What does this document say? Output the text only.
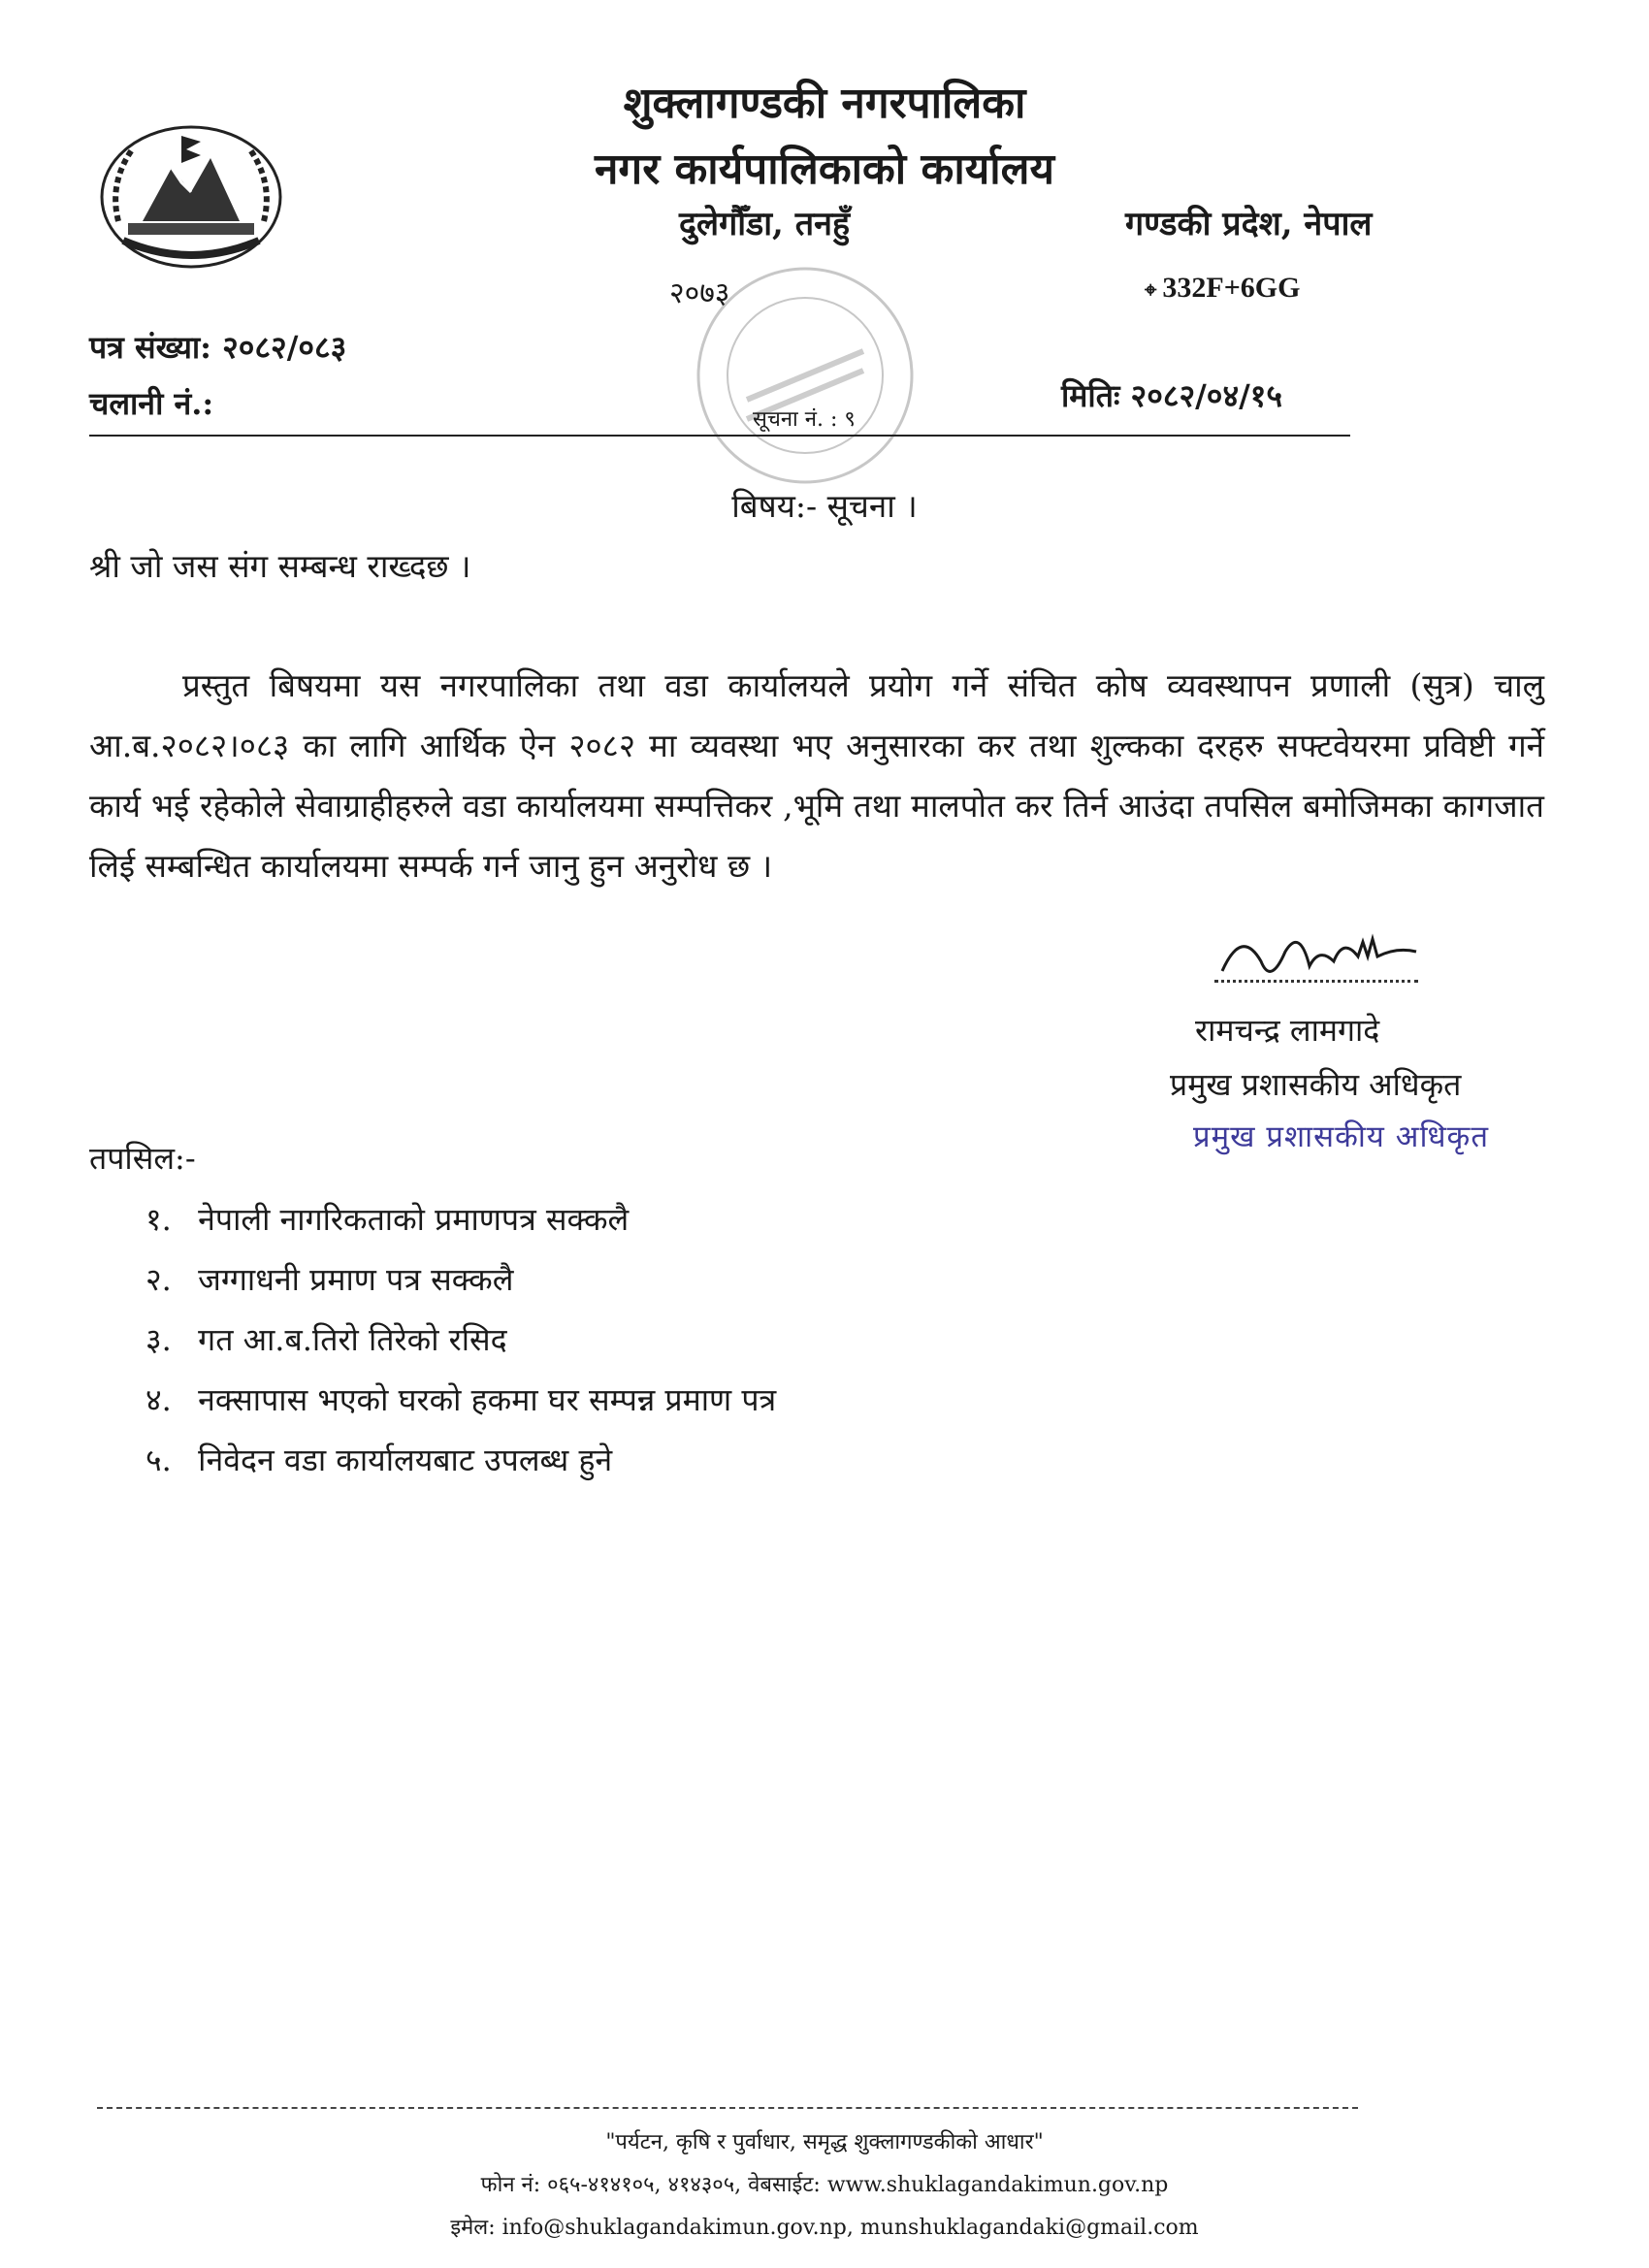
शुक्लागण्डकी नगरपालिका
नगर कार्यपालिकाको कार्यालय
दुलेगौँडा, तनहुँ	गण्डकी प्रदेश, नेपाल
२०७३	⌖ 332F+6GG
पत्र संख्या: २०८२/०८३
चलानी नं.:	सूचना नं. : ९
मितिः २०८२/०४/१५
बिषय:- सूचना ।
श्री जो जस संग सम्बन्ध राख्दछ ।
प्रस्तुत बिषयमा यस नगरपालिका तथा वडा कार्यालयले प्रयोग गर्ने संचित कोष व्यवस्थापन प्रणाली (सुत्र) चालु आ.ब.२०८२।०८३ का लागि आर्थिक ऐन २०८२ मा व्यवस्था भए अनुसारका कर तथा शुल्कका दरहरु सफ्टवेयरमा प्रविष्टी गर्ने कार्य भई रहेकोले सेवाग्राहीहरुले वडा कार्यालयमा सम्पत्तिकर ,भूमि तथा मालपोत कर तिर्न आउंदा तपसिल बमोजिमका कागजात लिई सम्बन्धित कार्यालयमा सम्पर्क गर्न जानु हुन अनुरोध छ ।
रामचन्द्र लामगादे
प्रमुख प्रशासकीय अधिकृत
प्रमुख प्रशासकीय अधिकृत
तपसिल:-
१. नेपाली नागरिकताको प्रमाणपत्र सक्कलै
२. जग्गाधनी प्रमाण पत्र सक्कलै
३. गत आ.ब.तिरो तिरेको रसिद
४. नक्सापास भएको घरको हकमा घर सम्पन्न प्रमाण पत्र
५. निवेदन वडा कार्यालयबाट उपलब्ध हुने
"पर्यटन, कृषि र पुर्वाधार, समृद्ध शुक्लागण्डकीको आधार"
फोन नं: ०६५-४१४१०५, ४१४३०५, वेबसाईट: www.shuklagandakimun.gov.np
इमेल: info@shuklagandakimun.gov.np, munshuklagandaki@gmail.com
